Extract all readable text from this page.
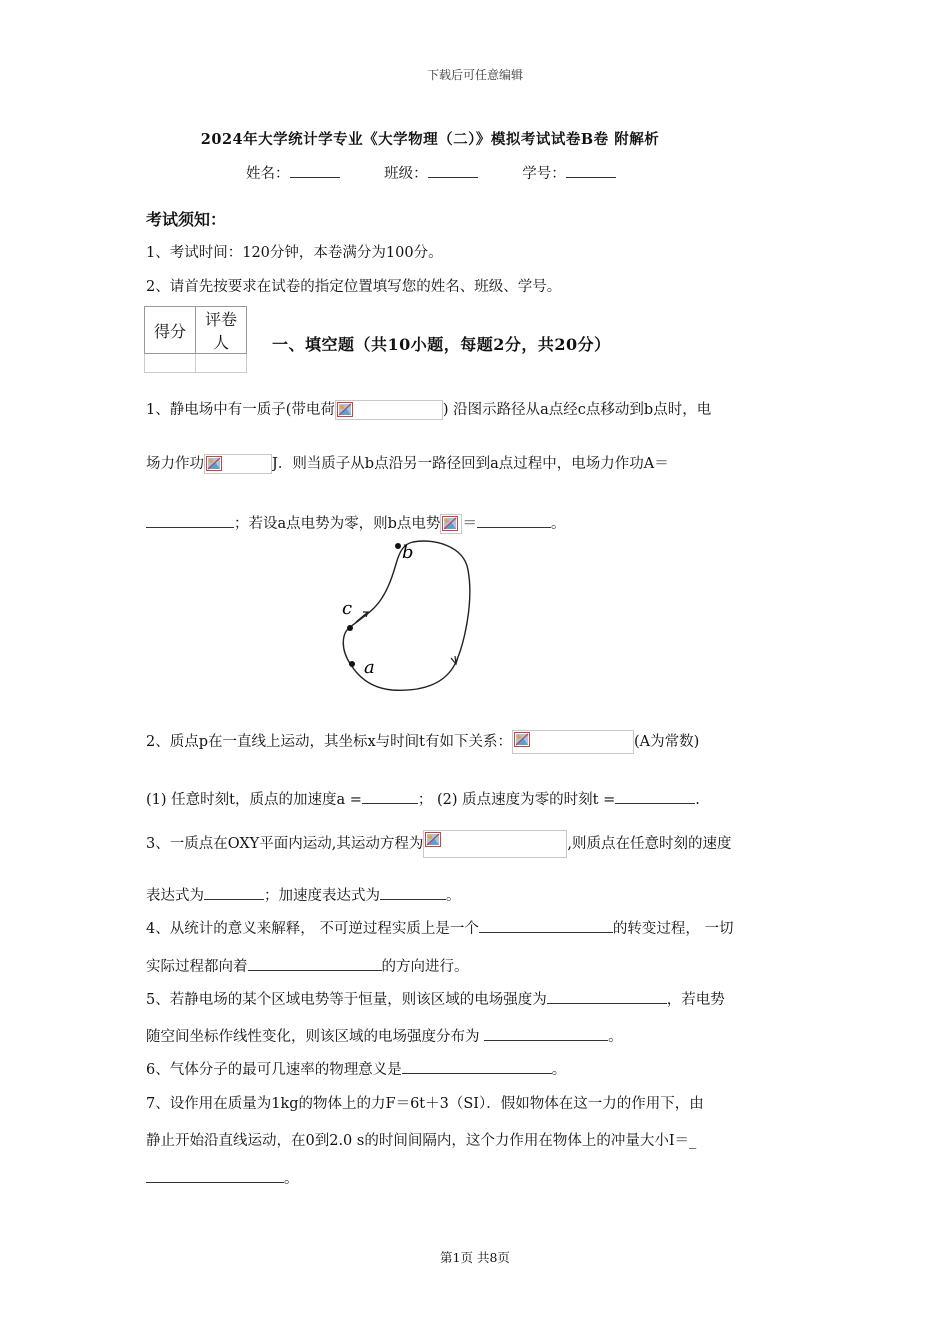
下载后可任意编辑
2024年大学统计学专业《大学物理（二）》模拟考试试卷B卷 附解析
姓名：	班级：	学号：
考试须知：
1、考试时间：120分钟，本卷满分为100分。
2、请首先按要求在试卷的指定位置填写您的姓名、班级、学号。
得分	评卷人
		一、填空题（共10小题，每题2分，共20分）
1、静电场中有一质子(带电荷	) 沿图示路径从a点经c点移动到b点时，电
场力作功	J．则当质子从b点沿另一路径回到a点过程中，电场力作功A＝
；若设a点电势为零，则b点电势 ＝	。
b
c
a
2、质点p在一直线上运动，其坐标x与时间t有如下关系：	(A为常数)
(1) 任意时刻t，质点的加速度a =	； (2) 质点速度为零的时刻t =	.
3、一质点在OXY平面内运动,其运动方程为	,则质点在任意时刻的速度
表达式为	；加速度表达式为	。
4、从统计的意义来解释， 不可逆过程实质上是一个	的转变过程， 一切
实际过程都向着	的方向进行。
5、若静电场的某个区域电势等于恒量，则该区域的电场强度为	，若电势
随空间坐标作线性变化，则该区域的电场强度分布为	。
6、气体分子的最可几速率的物理意义是	。
7、设作用在质量为1kg的物体上的力F＝6t＋3（SI）．假如物体在这一力的作用下，由
静止开始沿直线运动，在0到2.0 s的时间间隔内，这个力作用在物体上的冲量大小I＝_
。
第1页 共8页
